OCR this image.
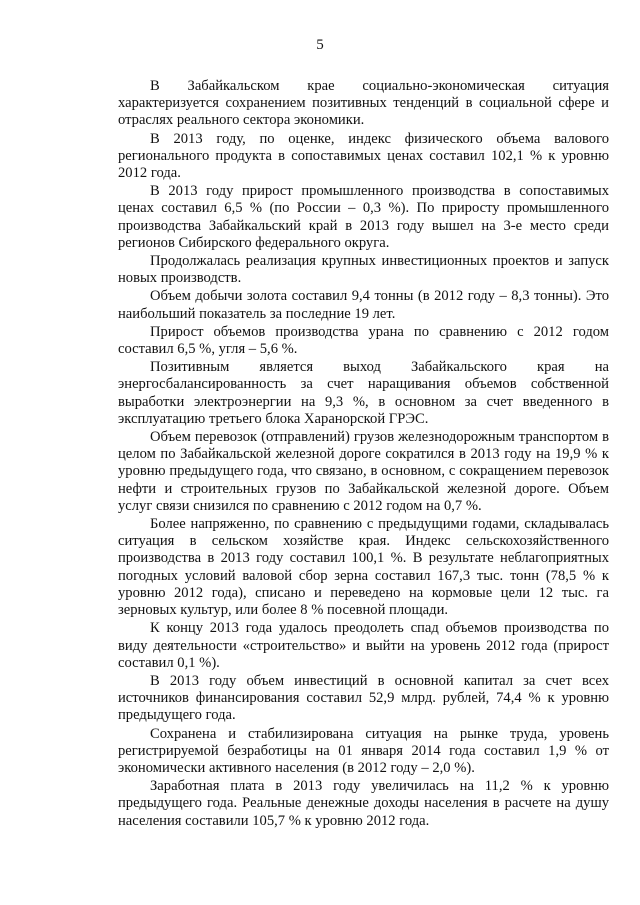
5

В Забайкальском крае социально-экономическая ситуация характеризуется сохранением позитивных тенденций в социальной сфере и отраслях реального сектора экономики.

В 2013 году, по оценке, индекс физического объема валового регионального продукта в сопоставимых ценах составил 102,1 % к уровню 2012 года.

В 2013 году прирост промышленного производства в сопоставимых ценах составил 6,5 % (по России – 0,3 %). По приросту промышленного производства Забайкальский край в 2013 году вышел на 3-е место среди регионов Сибирского федерального округа.

Продолжалась реализация крупных инвестиционных проектов и запуск новых производств.

Объем добычи золота составил 9,4 тонны (в 2012 году – 8,3 тонны). Это наибольший показатель за последние 19 лет.

Прирост объемов производства урана по сравнению с 2012 годом составил 6,5 %, угля – 5,6 %.

Позитивным является выход Забайкальского края на энергосбалансированность за счет наращивания объемов собственной выработки электроэнергии на 9,3 %, в основном за счет введенного в эксплуатацию третьего блока Харанорской ГРЭС.

Объем перевозок (отправлений) грузов железнодорожным транспортом в целом по Забайкальской железной дороге сократился в 2013 году на 19,9 % к уровню предыдущего года, что связано, в основном, с сокращением перевозок нефти и строительных грузов по Забайкальской железной дороге. Объем услуг связи снизился по сравнению с 2012 годом на 0,7 %.

Более напряженно, по сравнению с предыдущими годами, складывалась ситуация в сельском хозяйстве края. Индекс сельскохозяйственного производства в 2013 году составил 100,1 %. В результате неблагоприятных погодных условий валовой сбор зерна составил 167,3 тыс. тонн (78,5 % к уровню 2012 года), списано и переведено на кормовые цели 12 тыс. га зерновых культур, или более 8 % посевной площади.

К концу 2013 года удалось преодолеть спад объемов производства по виду деятельности «строительство» и выйти на уровень 2012 года (прирост составил 0,1 %).

В 2013 году объем инвестиций в основной капитал за счет всех источников финансирования составил 52,9 млрд. рублей, 74,4 % к уровню предыдущего года.

Сохранена и стабилизирована ситуация на рынке труда, уровень регистрируемой безработицы на 01 января 2014 года составил 1,9 % от экономически активного населения (в 2012 году – 2,0 %).

Заработная плата в 2013 году увеличилась на 11,2 % к уровню предыдущего года. Реальные денежные доходы населения в расчете на душу населения составили 105,7 % к уровню 2012 года.
